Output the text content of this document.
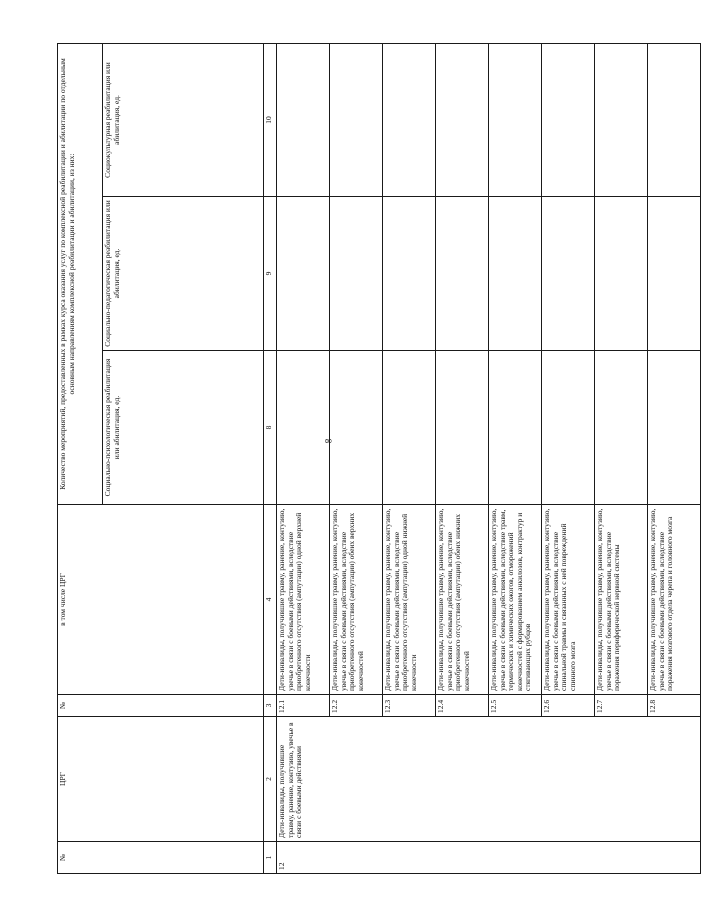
8
№	ЦРГ	№	в том числе ЦРГ	Количество мероприятий, предоставленных в рамках курса оказания услуг по комплексной реабилитации и абилитации по отдельным основным направлениям комплексной реабилитации и абилитации, из них:		
				Социально-психологическая реабилитация или абилитация, ед.	Социально-педагогическая реабилитация или абилитация, ед.	Социокультурная реабилитация или абилитация, ед.
1	2	3	4	8	9	10
12	Дети-инвалиды, получившие травму, ранение, контузию, увечье в связи с боевыми действиями	12.1	Дети-инвалиды, получившие травму, ранение, контузию, увечье в связи с боевыми действиями, вследствие приобретенного отсутствия (ампутации) одной верхней конечности			
		12.2	Дети-инвалиды, получившие травму, ранение, контузию, увечье в связи с боевыми действиями, вследствие приобретенного отсутствия (ампутации) обеих верхних конечностей			
		12.3	Дети-инвалиды, получившие травму, ранение, контузию, увечье в связи с боевыми действиями, вследствие приобретенного отсутствия (ампутации) одной нижней конечности			
		12.4	Дети-инвалиды, получившие травму, ранение, контузию, увечье в связи с боевыми действиями, вследствие приобретенного отсутствия (ампутации) обеих нижних конечностей			
		12.5	Дети-инвалиды, получившие травму, ранение, контузию, увечье в связи с боевыми действиями, вследствие травм, термических и химических ожогов, отморожений конечностей с формированием анкилозов, контрактур и стягивающих рубцов			
		12.6	Дети-инвалиды, получившие травму, ранение, контузию, увечье в связи с боевыми действиями, вследствие спинальной травмы и связанных с ней повреждений спинного мозга			
		12.7	Дети-инвалиды, получившие травму, ранение, контузию, увечье в связи с боевыми действиями, вследствие поражения периферической нервной системы			
		12.8	Дети-инвалиды, получившие травму, ранение, контузию, увечье в связи с боевыми действиями, вследствие поражения мозгового отдела черепа и головного мозга			
